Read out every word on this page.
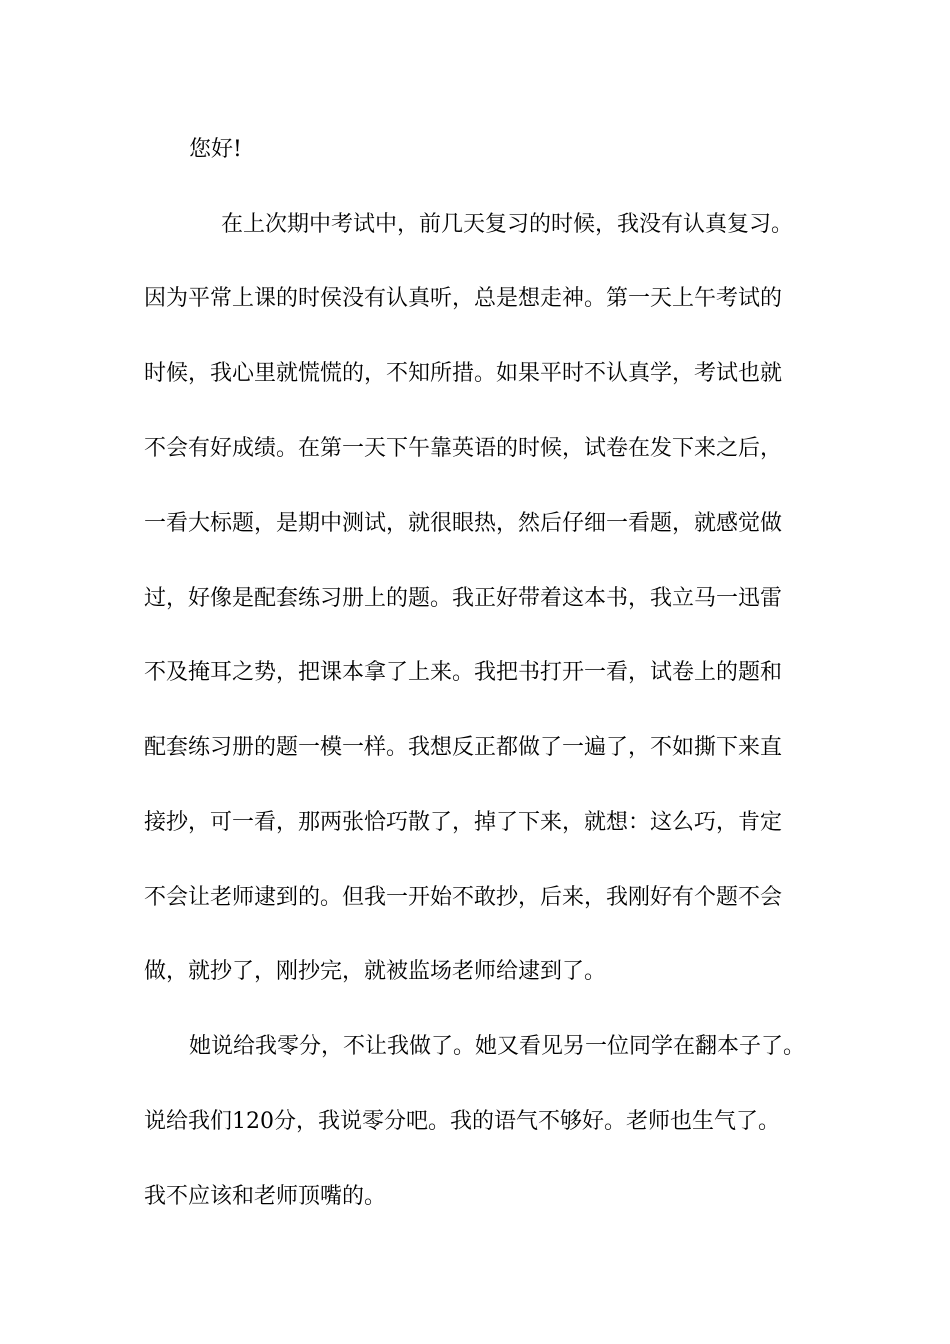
您好!
在上次期中考试中，前几天复习的时候，我没有认真复习。
因为平常上课的时侯没有认真听，总是想走神。第一天上午考试的
时候，我心里就慌慌的，不知所措。如果平时不认真学，考试也就
不会有好成绩。在第一天下午靠英语的时候，试卷在发下来之后，
一看大标题，是期中测试，就很眼热，然后仔细一看题，就感觉做
过，好像是配套练习册上的题。我正好带着这本书，我立马一迅雷
不及掩耳之势，把课本拿了上来。我把书打开一看，试卷上的题和
配套练习册的题一模一样。我想反正都做了一遍了，不如撕下来直
接抄，可一看，那两张恰巧散了，掉了下来，就想：这么巧，肯定
不会让老师逮到的。但我一开始不敢抄，后来，我刚好有个题不会
做，就抄了，刚抄完，就被监场老师给逮到了。
她说给我零分，不让我做了。她又看见另一位同学在翻本子了。
说给我们120分，我说零分吧。我的语气不够好。老师也生气了。
我不应该和老师顶嘴的。
